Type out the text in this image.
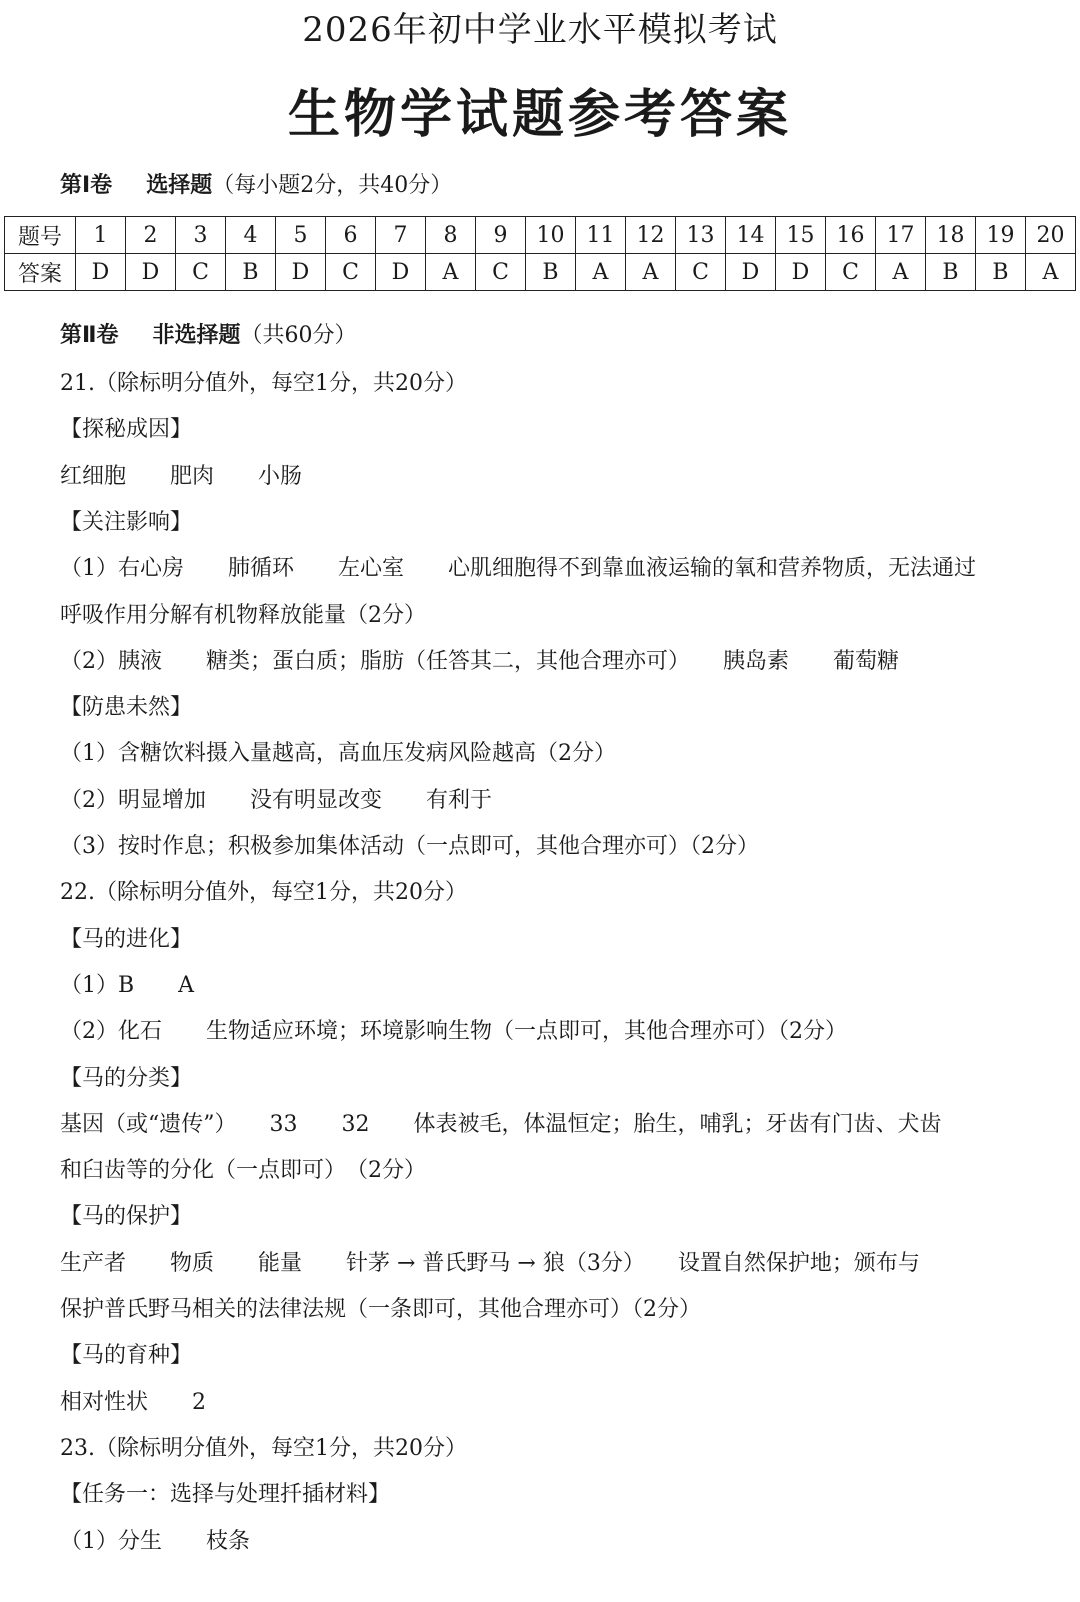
2026年初中学业水平模拟考试
生物学试题参考答案
第Ⅰ卷 选择题（每小题2分，共40分）
题号	1	2	3	4	5	6	7	8	9	10	11	12	13	14	15	16	17	18	19	20
答案	D	D	C	B	D	C	D	A	C	B	A	A	C	D	D	C	A	B	B	A
第Ⅱ卷 非选择题（共60分）
21.（除标明分值外，每空1分，共20分）
【探秘成因】
红细胞　　肥肉　　小肠
【关注影响】
（1）右心房　　肺循环　　左心室　　心肌细胞得不到靠血液运输的氧和营养物质，无法通过
呼吸作用分解有机物释放能量（2分）
（2）胰液　　糖类；蛋白质；脂肪（任答其二，其他合理亦可）　　胰岛素　　葡萄糖
【防患未然】
（1）含糖饮料摄入量越高，高血压发病风险越高（2分）
（2）明显增加　　没有明显改变　　有利于
（3）按时作息；积极参加集体活动（一点即可，其他合理亦可）（2分）
22.（除标明分值外，每空1分，共20分）
【马的进化】
（1）B　　A
（2）化石　　生物适应环境；环境影响生物（一点即可，其他合理亦可）（2分）
【马的分类】
基因（或“遗传”）　　33　　32　　体表被毛，体温恒定；胎生，哺乳；牙齿有门齿、犬齿
和臼齿等的分化（一点即可）　（2分）
【马的保护】
生产者　　物质　　能量　　针茅 → 普氏野马 → 狼（3分）　　设置自然保护地；颁布与
保护普氏野马相关的法律法规（一条即可，其他合理亦可）（2分）
【马的育种】
相对性状　　2
23.（除标明分值外，每空1分，共20分）
【任务一：选择与处理扦插材料】
（1）分生　　枝条
